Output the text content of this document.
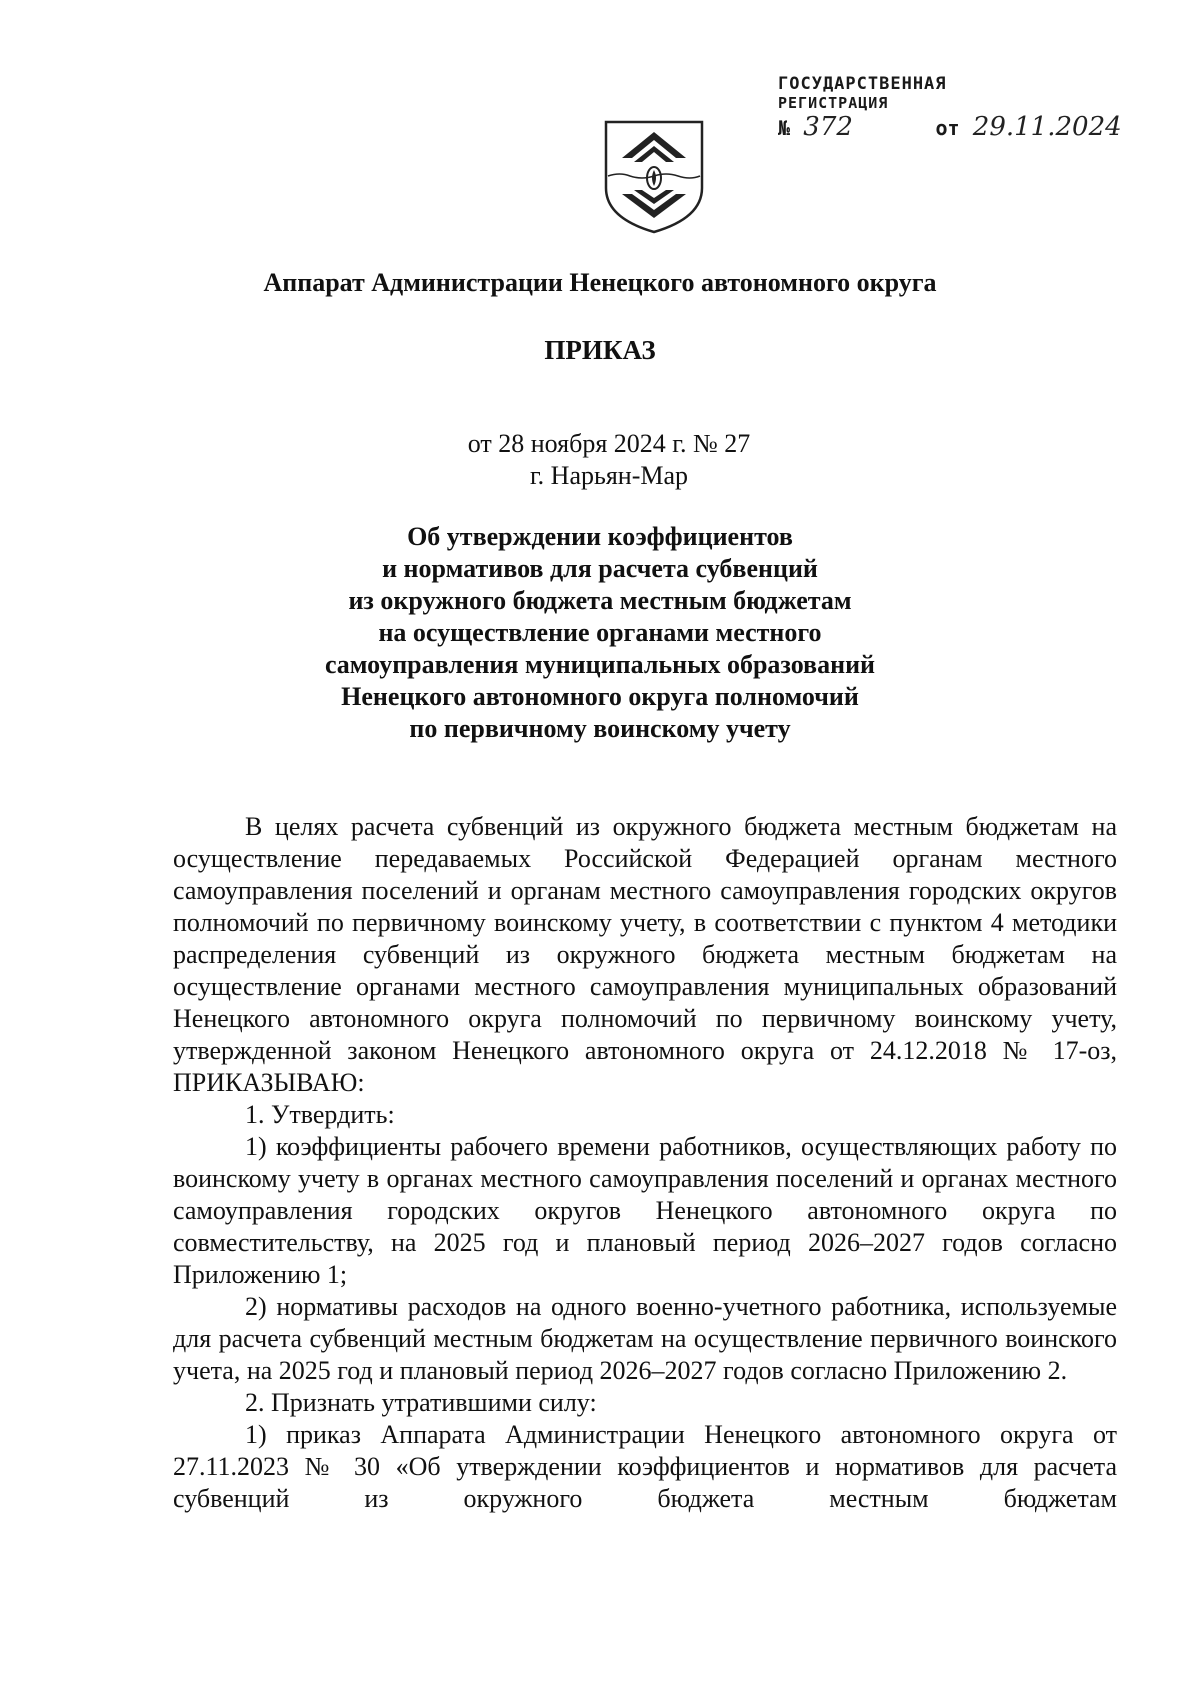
ГОСУДАРСТВЕННАЯ
РЕГИСТРАЦИЯ
№ 372	от 29.11.2024
Аппарат Администрации Ненецкого автономного округа
ПРИКАЗ
от 28 ноября 2024 г. № 27
г. Нарьян-Мар
Об утверждении коэффициентов
и нормативов для расчета субвенций
из окружного бюджета местным бюджетам
на осуществление органами местного
самоуправления муниципальных образований
Ненецкого автономного округа полномочий
по первичному воинскому учету

В целях расчета субвенций из окружного бюджета местным бюджетам на осуществление передаваемых Российской Федерацией органам местного самоуправления поселений и органам местного самоуправления городских округов полномочий по первичному воинскому учету, в соответствии с пунктом 4 методики распределения субвенций из окружного бюджета местным бюджетам на осуществление органами местного самоуправления муниципальных образований Ненецкого автономного округа полномочий по первичному воинскому учету, утвержденной законом Ненецкого автономного округа от 24.12.2018 № 17-оз, ПРИКАЗЫВАЮ:

1. Утвердить:

1) коэффициенты рабочего времени работников, осуществляющих работу по воинскому учету в органах местного самоуправления поселений и органах местного самоуправления городских округов Ненецкого автономного округа по совместительству, на 2025 год и плановый период 2026–2027 годов согласно Приложению 1;

2) нормативы расходов на одного военно-учетного работника, используемые для расчета субвенций местным бюджетам на осуществление первичного воинского учета, на 2025 год и плановый период 2026–2027 годов согласно Приложению 2.

2. Признать утратившими силу:

1) приказ Аппарата Администрации Ненецкого автономного округа от 27.11.2023 № 30 «Об утверждении коэффициентов и нормативов для расчета субвенций из окружного бюджета местным бюджетам
